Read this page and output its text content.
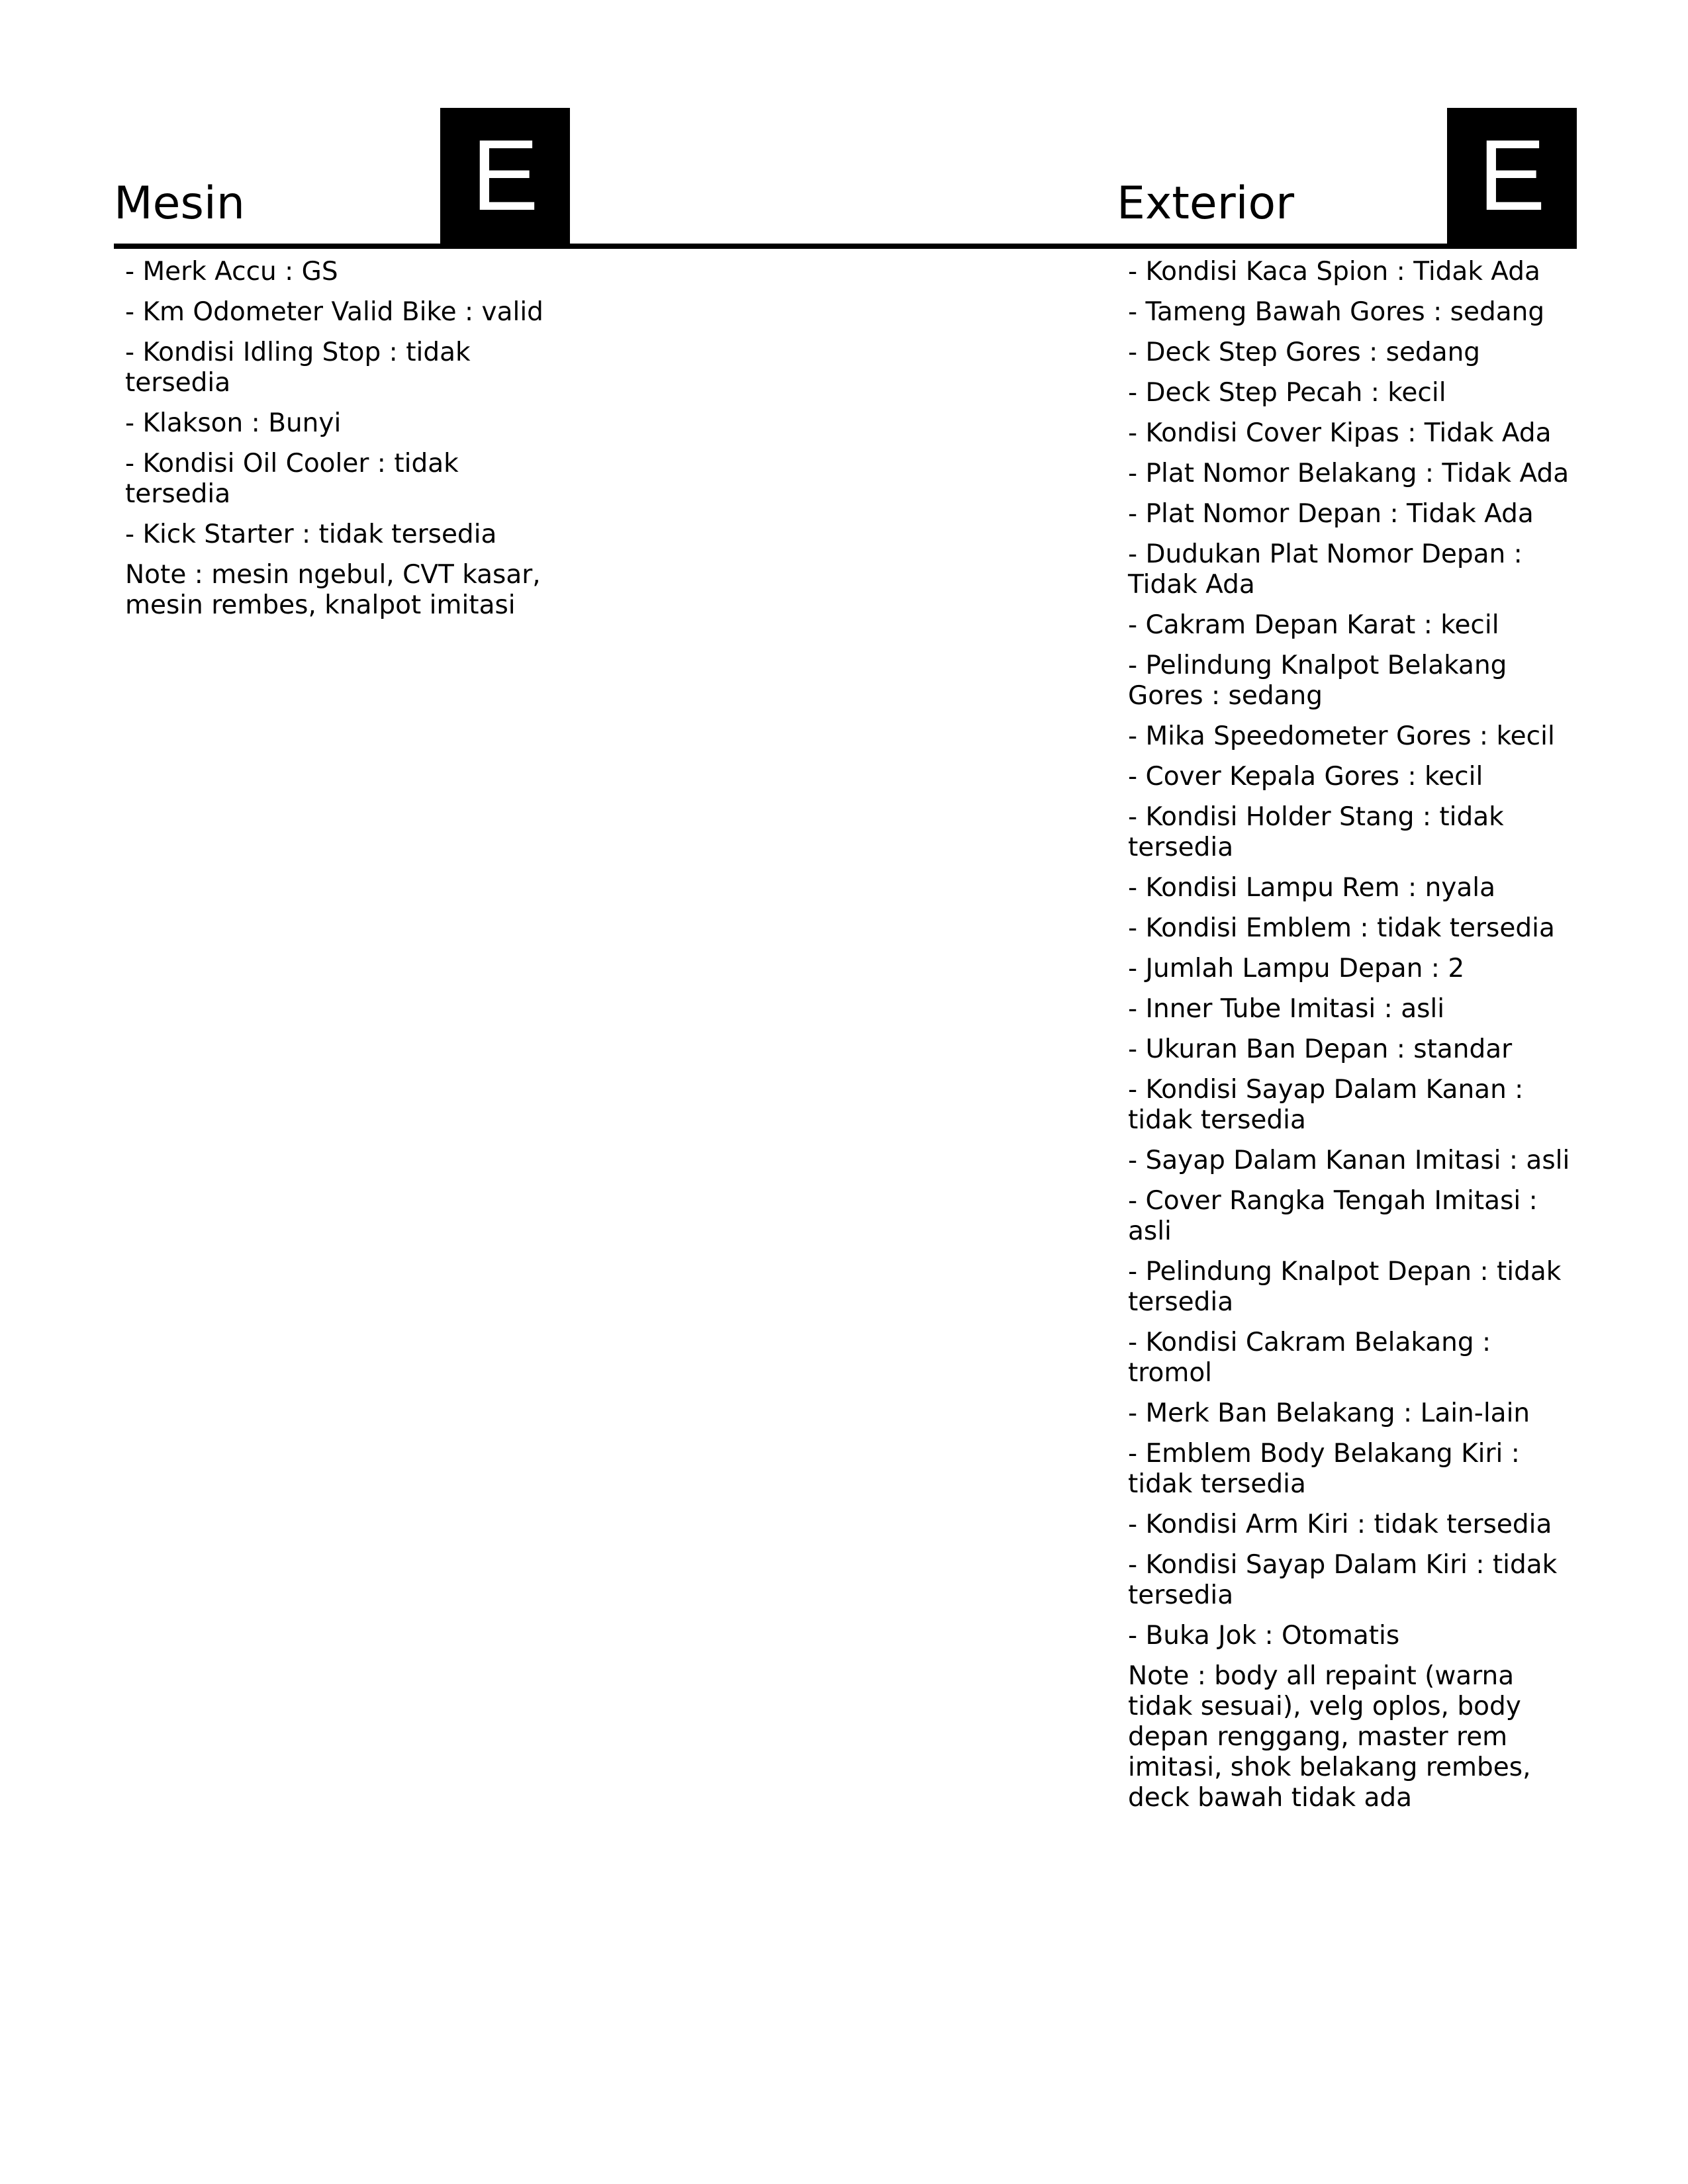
Mesin	E
- Merk Accu : GS
- Km Odometer Valid Bike : valid
- Kondisi Idling Stop : tidak tersedia
- Klakson : Bunyi
- Kondisi Oil Cooler : tidak tersedia
- Kick Starter : tidak tersedia

Note : mesin ngebul, CVT kasar, mesin rembes, knalpot imitasi

Exterior	E
- Kondisi Kaca Spion : Tidak Ada
- Tameng Bawah Gores : sedang
- Deck Step Gores : sedang
- Deck Step Pecah : kecil
- Kondisi Cover Kipas : Tidak Ada
- Plat Nomor Belakang : Tidak Ada
- Plat Nomor Depan : Tidak Ada
- Dudukan Plat Nomor Depan : Tidak Ada
- Cakram Depan Karat : kecil
- Pelindung Knalpot Belakang Gores : sedang
- Mika Speedometer Gores : kecil
- Cover Kepala Gores : kecil
- Kondisi Holder Stang : tidak tersedia
- Kondisi Lampu Rem : nyala
- Kondisi Emblem : tidak tersedia
- Jumlah Lampu Depan : 2
- Inner Tube Imitasi : asli
- Ukuran Ban Depan : standar
- Kondisi Sayap Dalam Kanan : tidak tersedia
- Sayap Dalam Kanan Imitasi : asli
- Cover Rangka Tengah Imitasi : asli
- Pelindung Knalpot Depan : tidak tersedia
- Kondisi Cakram Belakang : tromol
- Merk Ban Belakang : Lain-lain
- Emblem Body Belakang Kiri : tidak tersedia
- Kondisi Arm Kiri : tidak tersedia
- Kondisi Sayap Dalam Kiri : tidak tersedia
- Buka Jok : Otomatis

Note : body all repaint (warna tidak sesuai), velg oplos, body depan renggang, master rem imitasi, shok belakang rembes, deck bawah tidak ada
